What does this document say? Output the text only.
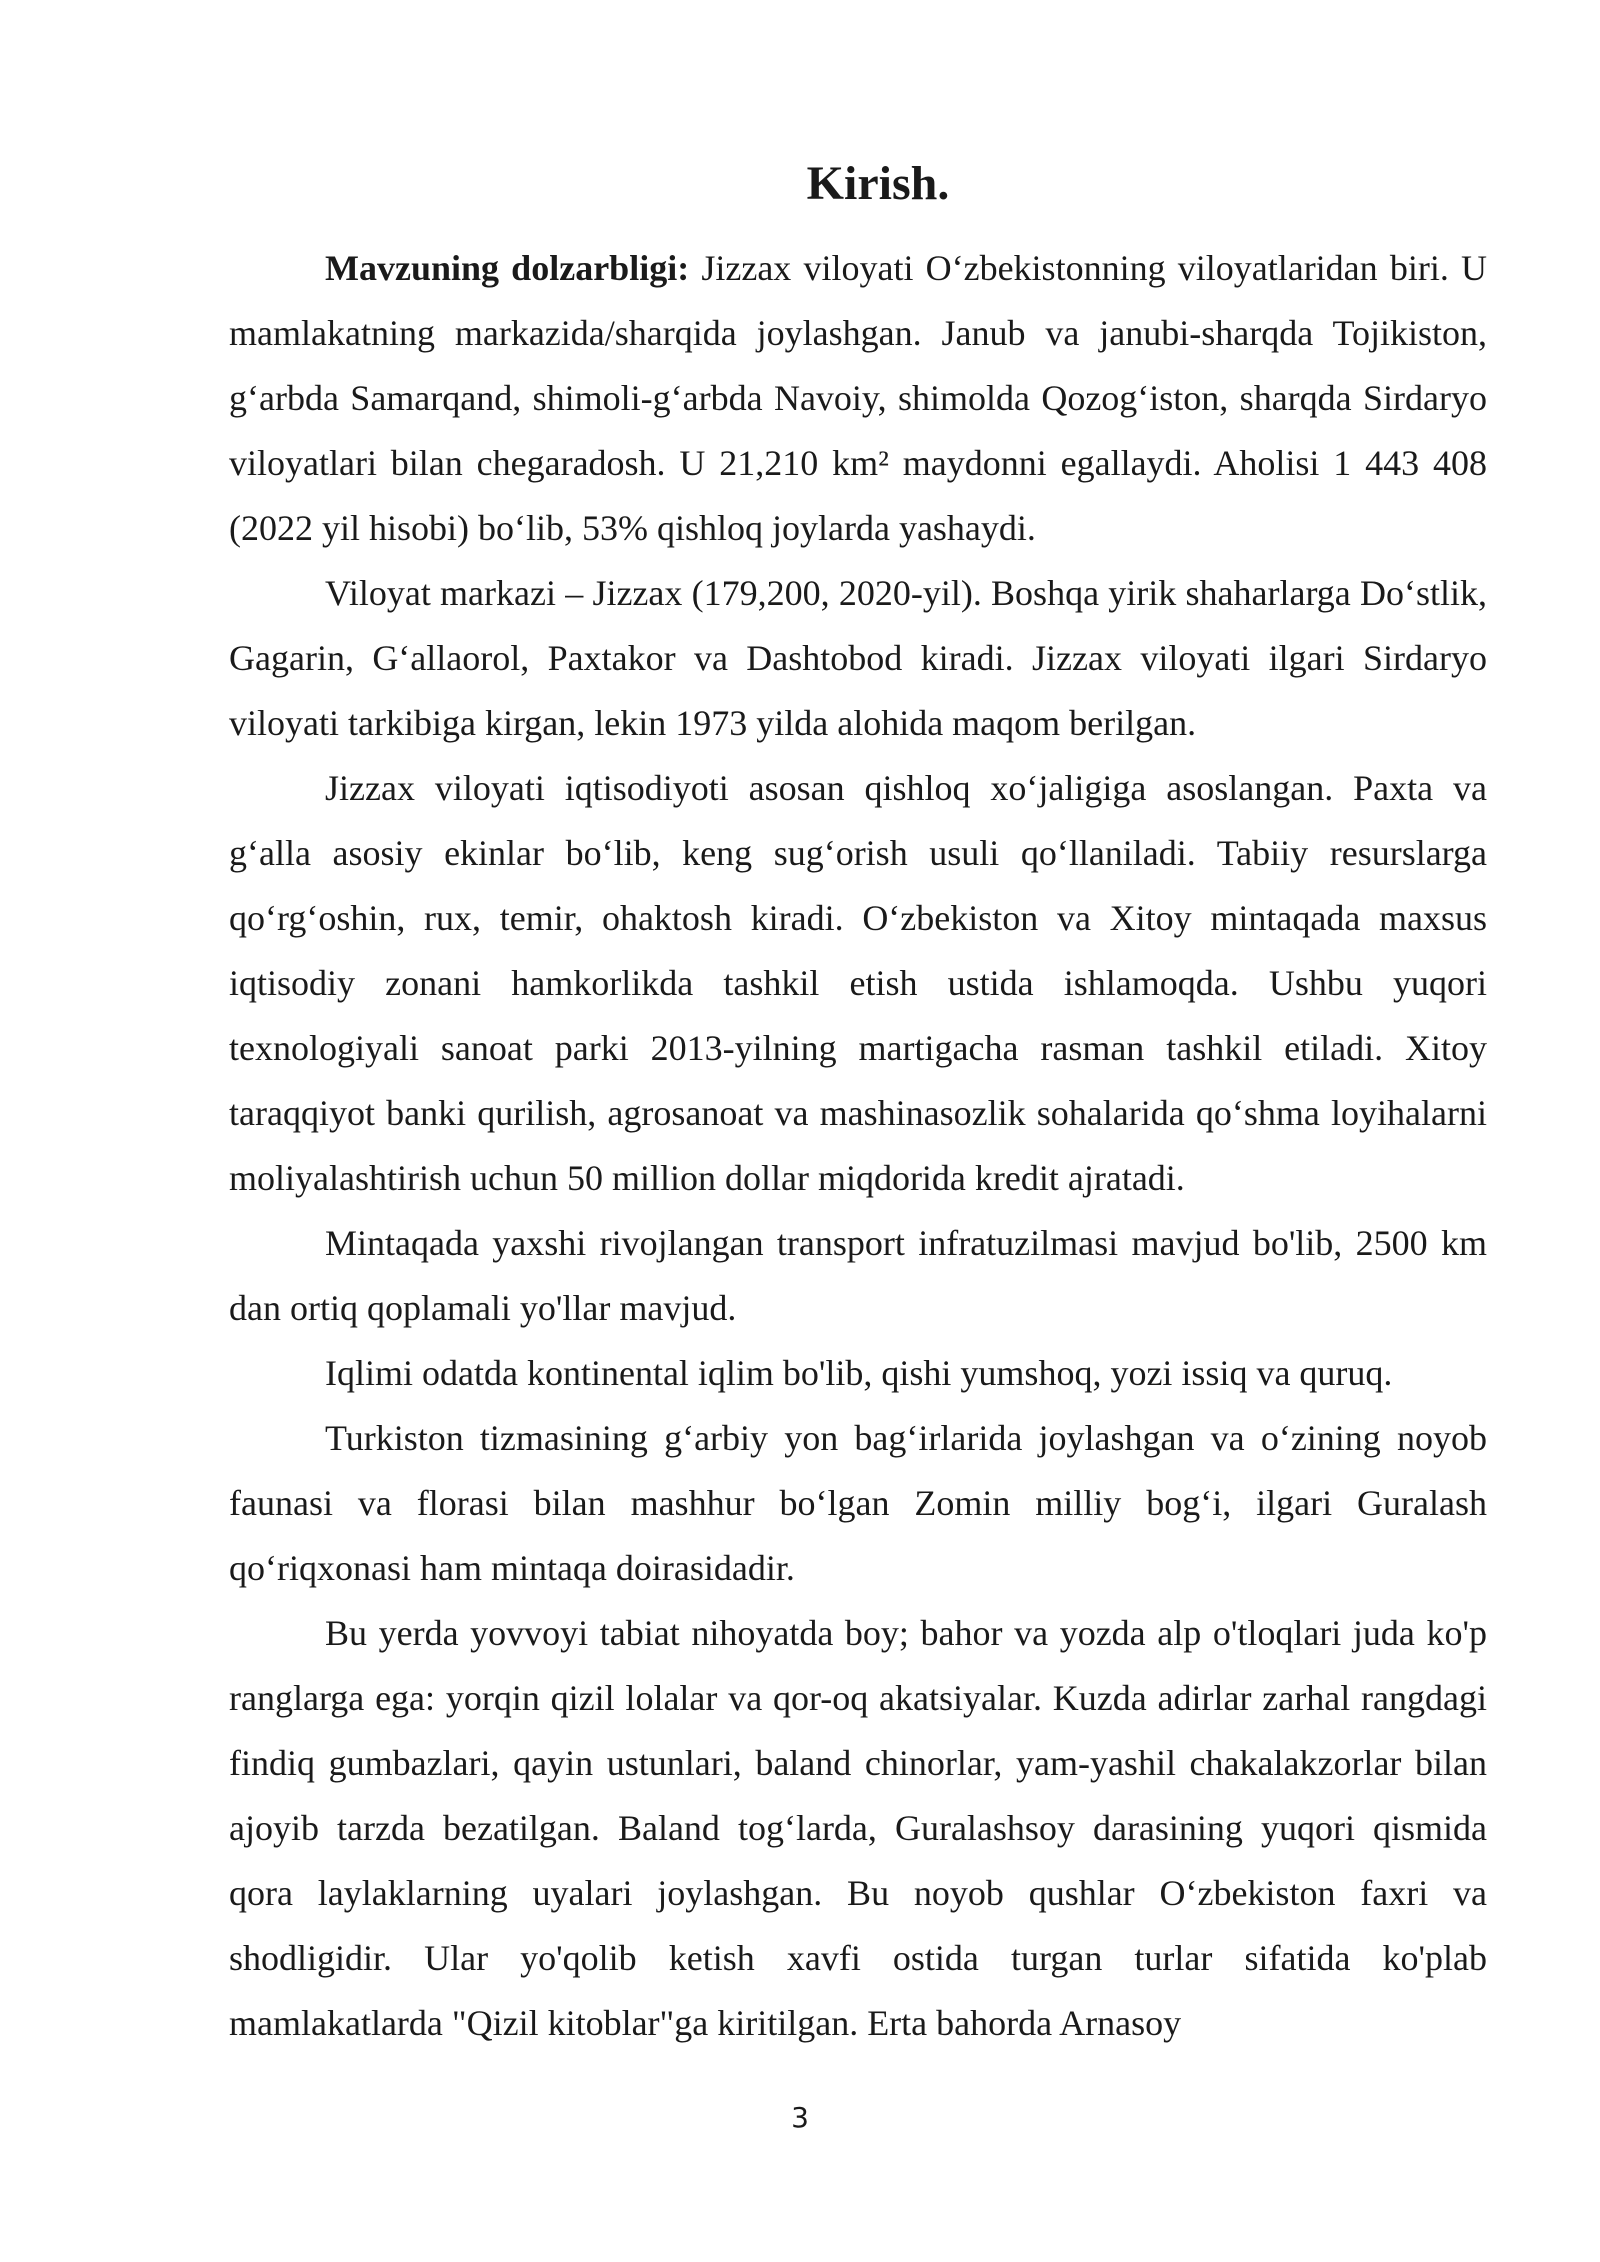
Kirish.

Mavzuning dolzarbligi: Jizzax viloyati O‘zbekistonning viloyatlaridan biri. U mamlakatning markazida/sharqida joylashgan. Janub va janubi-sharqda Tojikiston, g‘arbda Samarqand, shimoli-g‘arbda Navoiy, shimolda Qozog‘iston, sharqda Sirdaryo viloyatlari bilan chegaradosh. U 21,210 km² maydonni egallaydi. Aholisi 1 443 408 (2022 yil hisobi) bo‘lib, 53% qishloq joylarda yashaydi.

Viloyat markazi – Jizzax (179,200, 2020-yil). Boshqa yirik shaharlarga Do‘stlik, Gagarin, G‘allaorol, Paxtakor va Dashtobod kiradi. Jizzax viloyati ilgari Sirdaryo viloyati tarkibiga kirgan, lekin 1973 yilda alohida maqom berilgan.

Jizzax viloyati iqtisodiyoti asosan qishloq xo‘jaligiga asoslangan. Paxta va g‘alla asosiy ekinlar bo‘lib, keng sug‘orish usuli qo‘llaniladi. Tabiiy resurslarga qo‘rg‘oshin, rux, temir, ohaktosh kiradi. O‘zbekiston va Xitoy mintaqada maxsus iqtisodiy zonani hamkorlikda tashkil etish ustida ishlamoqda. Ushbu yuqori texnologiyali sanoat parki 2013-yilning martigacha rasman tashkil etiladi. Xitoy taraqqiyot banki qurilish, agrosanoat va mashinasozlik sohalarida qo‘shma loyihalarni moliyalashtirish uchun 50 million dollar miqdorida kredit ajratadi.

Mintaqada yaxshi rivojlangan transport infratuzilmasi mavjud bo'lib, 2500 km dan ortiq qoplamali yo'llar mavjud.

Iqlimi odatda kontinental iqlim bo'lib, qishi yumshoq, yozi issiq va quruq.

Turkiston tizmasining g‘arbiy yon bag‘irlarida joylashgan va o‘zining noyob faunasi va florasi bilan mashhur bo‘lgan Zomin milliy bog‘i, ilgari Guralash qo‘riqxonasi ham mintaqa doirasidadir.

Bu yerda yovvoyi tabiat nihoyatda boy; bahor va yozda alp o'tloqlari juda ko'p ranglarga ega: yorqin qizil lolalar va qor-oq akatsiyalar. Kuzda adirlar zarhal rangdagi findiq gumbazlari, qayin ustunlari, baland chinorlar, yam-yashil chakalakzorlar bilan ajoyib tarzda bezatilgan. Baland tog‘larda, Guralashsoy darasining yuqori qismida qora laylaklarning uyalari joylashgan. Bu noyob qushlar O‘zbekiston faxri va shodligidir. Ular yo'qolib ketish xavfi ostida turgan turlar sifatida ko'plab mamlakatlarda "Qizil kitoblar"ga kiritilgan. Erta bahorda Arnasoy

3
